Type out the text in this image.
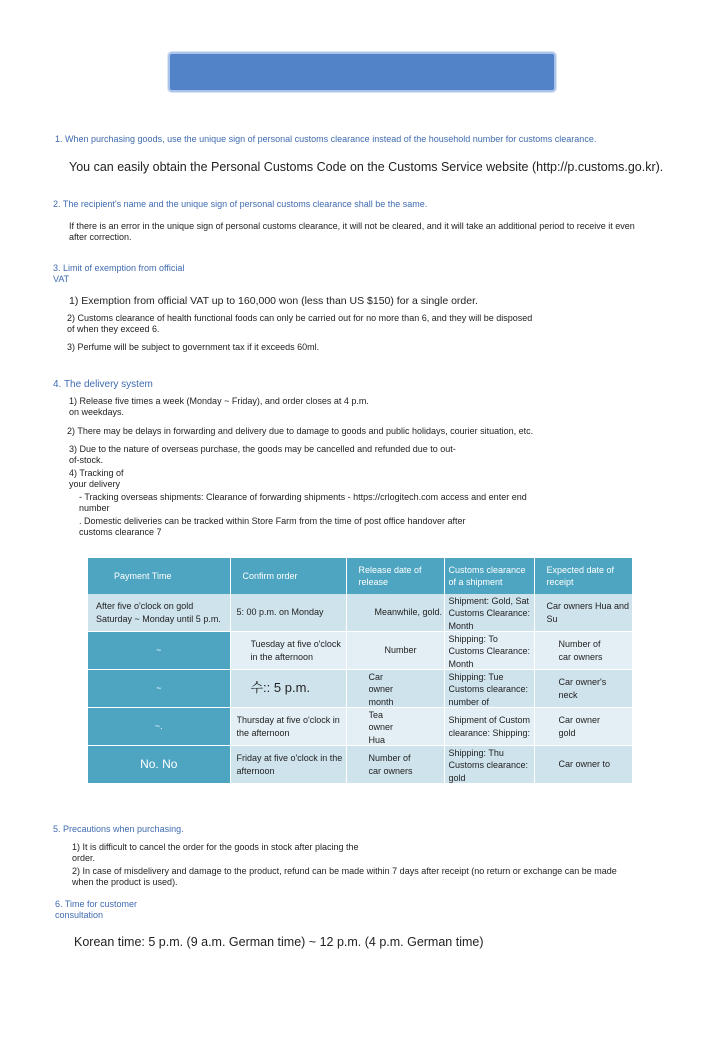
1. When purchasing goods, use the unique sign of personal customs clearance instead of the household number for customs clearance.
You can easily obtain the Personal Customs Code on the Customs Service website (http://p.customs.go.kr).
2. The recipient's name and the unique sign of personal customs clearance shall be the same.
If there is an error in the unique sign of personal customs clearance, it will not be cleared, and it will take an additional period to receive it even after correction.
3. Limit of exemption from official VAT
1) Exemption from official VAT up to 160,000 won (less than US $150) for a single order.
2) Customs clearance of health functional foods can only be carried out for no more than 6, and they will be disposed of when they exceed 6.
3) Perfume will be subject to government tax if it exceeds 60ml.
4. The delivery system
1) Release five times a week (Monday ~ Friday), and order closes at 4 p.m. on weekdays.
2) There may be delays in forwarding and delivery due to damage to goods and public holidays, courier situation, etc.
3) Due to the nature of overseas purchase, the goods may be cancelled and refunded due to out-of-stock.
4) Tracking of your delivery
- Tracking overseas shipments: Clearance of forwarding shipments - https://crlogitech.com access and enter end number
. Domestic deliveries can be tracked within Store Farm from the time of post office handover after customs clearance 7
Payment Time	Confirm order	Release date of release	Customs clearance of a shipment	Expected date of receipt

After five o'clock on gold Saturday ~ Monday until 5 p.m.	5: 00 p.m. on Monday	Meanwhile, gold.	Shipment: Gold, Sat Customs Clearance: Month	Car owners Hua and Su

~	Tuesday at five o'clock in the afternoon	Number	Shipping: To Customs Clearance: Month	Number of car owners

~	수:: 5 p.m.	Car owner month	Shipping: Tue Customs clearance: number of	Car owner's neck

~.	Thursday at five o'clock in the afternoon	Tea owner Hua	Shipment of Custom clearance: Shipping:	Car owner gold

No. No	Friday at five o'clock in the afternoon	Number of car owners	Shipping: Thu Customs clearance: gold	Car owner to
5. Precautions when purchasing.
1) It is difficult to cancel the order for the goods in stock after placing the order.
2) In case of misdelivery and damage to the product, refund can be made within 7 days after receipt (no return or exchange can be made when the product is used).
6. Time for customer consultation
Korean time: 5 p.m. (9 a.m. German time) ~ 12 p.m. (4 p.m. German time)
